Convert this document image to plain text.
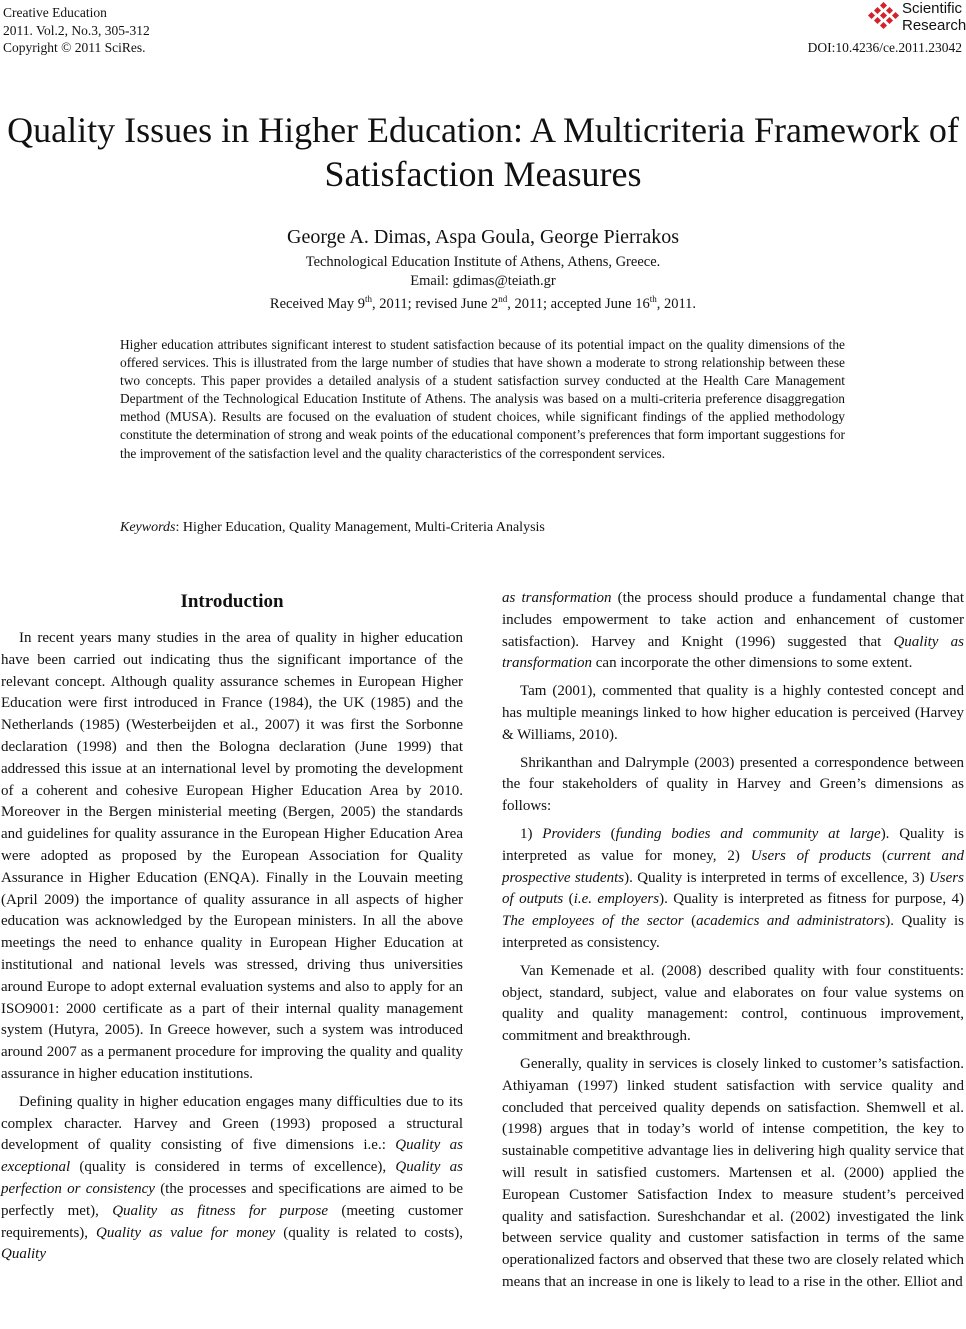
Creative Education
2011. Vol.2, No.3, 305-312
Copyright © 2011 SciRes.
Scientific
Research
DOI:10.4236/ce.2011.23042
Quality Issues in Higher Education: A Multicriteria Framework of Satisfaction Measures
George A. Dimas, Aspa Goula, George Pierrakos
Technological Education Institute of Athens, Athens, Greece.
Email: gdimas@teiath.gr
Received May 9th, 2011; revised June 2nd, 2011; accepted June 16th, 2011.
Higher education attributes significant interest to student satisfaction because of its potential impact on the quality dimensions of the offered services. This is illustrated from the large number of studies that have shown a moderate to strong relationship between these two concepts. This paper provides a detailed analysis of a student satisfaction survey conducted at the Health Care Management Department of the Technological Education Institute of Athens. The analysis was based on a multi-criteria preference disaggregation method (MUSA). Results are focused on the evaluation of student choices, while significant findings of the applied methodology constitute the determination of strong and weak points of the educational component’s preferences that form important suggestions for the improvement of the satisfaction level and the quality characteristics of the correspondent services.
Keywords: Higher Education, Quality Management, Multi-Criteria Analysis
Introduction

In recent years many studies in the area of quality in higher education have been carried out indicating thus the significant importance of the relevant concept. Although quality assurance schemes in European Higher Education were first introduced in France (1984), the UK (1985) and the Netherlands (1985) (Westerbeijden et al., 2007) it was first the Sorbonne declaration (1998) and then the Bologna declaration (June 1999) that addressed this issue at an international level by promoting the development of a coherent and cohesive European Higher Education Area by 2010. Moreover in the Bergen ministerial meeting (Bergen, 2005) the standards and guidelines for quality assurance in the European Higher Education Area were adopted as proposed by the European Association for Quality Assurance in Higher Education (ENQA). Finally in the Louvain meeting (April 2009) the importance of quality assurance in all aspects of higher education was acknowledged by the European ministers. In all the above meetings the need to enhance quality in European Higher Education at institutional and national levels was stressed, driving thus universities around Europe to adopt external evaluation systems and also to apply for an ISO9001: 2000 certificate as a part of their internal quality management system (Hutyra, 2005). In Greece however, such a system was introduced around 2007 as a permanent procedure for improving the quality and quality assurance in higher education institutions.

Defining quality in higher education engages many difficulties due to its complex character. Harvey and Green (1993) proposed a structural development of quality consisting of five dimensions i.e.: Quality as exceptional (quality is considered in terms of excellence), Quality as perfection or consistency (the processes and specifications are aimed to be perfectly met), Quality as fitness for purpose (meeting customer requirements), Quality as value for money (quality is related to costs), Quality

as transformation (the process should produce a fundamental change that includes empowerment to take action and enhancement of customer satisfaction). Harvey and Knight (1996) suggested that Quality as transformation can incorporate the other dimensions to some extent.

Tam (2001), commented that quality is a highly contested concept and has multiple meanings linked to how higher education is perceived (Harvey & Williams, 2010).

Shrikanthan and Dalrymple (2003) presented a correspondence between the four stakeholders of quality in Harvey and Green’s dimensions as follows:

1) Providers (funding bodies and community at large). Quality is interpreted as value for money, 2) Users of products (current and prospective students). Quality is interpreted in terms of excellence, 3) Users of outputs (i.e. employers). Quality is interpreted as fitness for purpose, 4) The employees of the sector (academics and administrators). Quality is interpreted as consistency.

Van Kemenade et al. (2008) described quality with four constituents: object, standard, subject, value and elaborates on four value systems on quality and quality management: control, continuous improvement, commitment and breakthrough.

Generally, quality in services is closely linked to customer’s satisfaction. Athiyaman (1997) linked student satisfaction with service quality and concluded that perceived quality depends on satisfaction. Shemwell et al. (1998) argues that in today’s world of intense competition, the key to sustainable competitive advantage lies in delivering high quality service that will result in satisfied customers. Martensen et al. (2000) applied the European Customer Satisfaction Index to measure student’s perceived quality and satisfaction. Sureshchandar et al. (2002) investigated the link between service quality and customer satisfaction in terms of the same operationalized factors and observed that these two are closely related which means that an increase in one is likely to lead to a rise in the other. Elliot and
